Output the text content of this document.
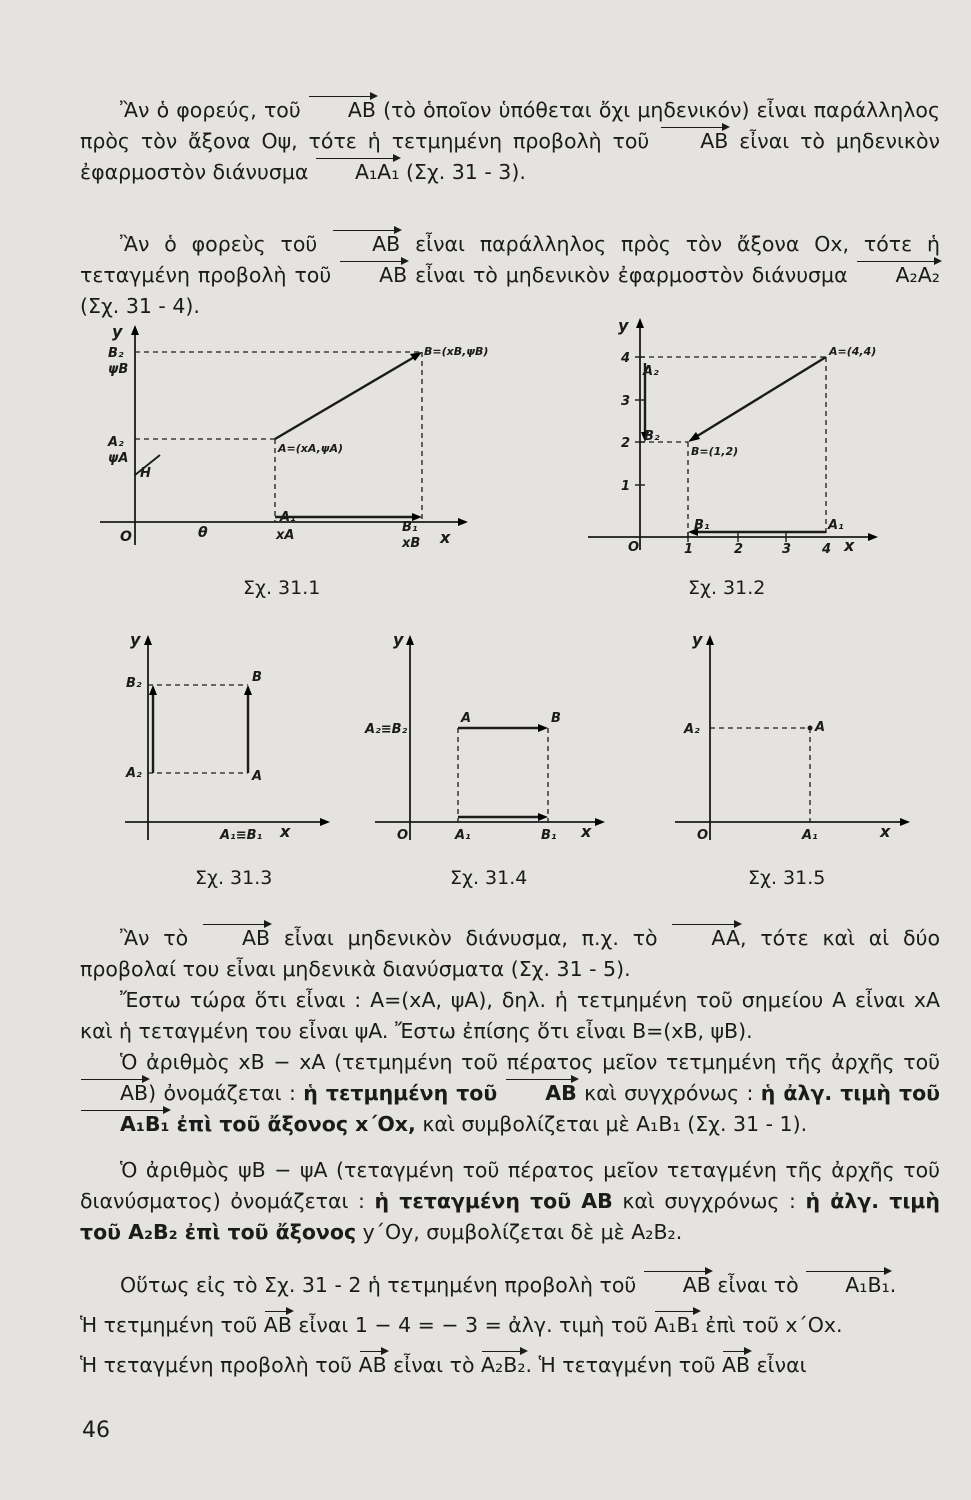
Ἂν ὁ φορεύς, τοῦ AB (τὸ ὁποῖον ὑπόθεται ὄχι μηδενικόν) εἶναι παράλληλος πρὸς τὸν ἄξονα Οψ, τότε ἡ τετμημένη προβολὴ τοῦ AB εἶναι τὸ μηδενικὸν ἐφαρμοστὸν διάνυσμα A₁A₁ (Σχ. 31 - 3).

Ἂν ὁ φορεὺς τοῦ AB εἶναι παράλληλος πρὸς τὸν ἄξονα Οx, τότε ἡ τεταγμένη προβολὴ τοῦ AB εἶναι τὸ μηδενικὸν ἐφαρμοστὸν διάνυσμα A₂A₂ (Σχ. 31 - 4).

y
B₂
ψB
A₂
ψA
H
O	θ
A₁
xA
B₁
xB x
B=(xB,ψB)
A=(xA,ψA)
Σχ. 31.1
y
4
3
2
1
A₂
B₂
O	1	2	3 4
B₁	A₁
x
A=(4,4)
B=(1,2)
Σχ. 31.2
y
B₂	B
A₂	A
A₁≡B₁ x
Σχ. 31.3
y
A₂≡B₂
A	B
O	A₁	B₁ x
Σχ. 31.4
y
A₂	A
O	A₁	x
Σχ. 31.5

Ἂν τὸ AB εἶναι μηδενικὸν διάνυσμα, π.χ. τὸ AA, τότε καὶ αἱ δύο προβολαί του εἶναι μηδενικὰ διανύσματα (Σχ. 31 - 5).

Ἔστω τώρα ὅτι εἶναι : A=(xA, ψA), δηλ. ἡ τετμημένη τοῦ σημείου A εἶναι xA καὶ ἡ τεταγμένη του εἶναι ψA. Ἔστω ἐπίσης ὅτι εἶναι B=(xB, ψB).

Ὁ ἀριθμὸς xB − xA (τετμημένη τοῦ πέρατος μεῖον τετμημένη τῆς ἀρχῆς τοῦ AB) ὀνομάζεται : ἡ τετμημένη τοῦ AB καὶ συγχρόνως : ἡ ἀλγ. τιμὴ τοῦ A₁B₁ ἐπὶ τοῦ ἄξονος x΄Ox, καὶ συμβολίζεται μὲ A₁B₁ (Σχ. 31 - 1).

Ὁ ἀριθμὸς ψB − ψA (τεταγμένη τοῦ πέρατος μεῖον τεταγμένη τῆς ἀρχῆς τοῦ διανύσματος) ὀνομάζεται : ἡ τεταγμένη τοῦ AB καὶ συγχρόνως : ἡ ἀλγ. τιμὴ τοῦ A₂B₂ ἐπὶ τοῦ ἄξονος y΄Oy, συμβολίζεται δὲ μὲ A₂B₂.

Οὕτως εἰς τὸ Σχ. 31 - 2 ἡ τετμημένη προβολὴ τοῦ AB εἶναι τὸ A₁B₁.

Ἡ τετμημένη τοῦ AB εἶναι 1 − 4 = − 3 = ἀλγ. τιμὴ τοῦ A₁B₁ ἐπὶ τοῦ x΄Ox.

Ἡ τεταγμένη προβολὴ τοῦ AB εἶναι τὸ A₂B₂. Ἡ τεταγμένη τοῦ AB εἶναι

46
